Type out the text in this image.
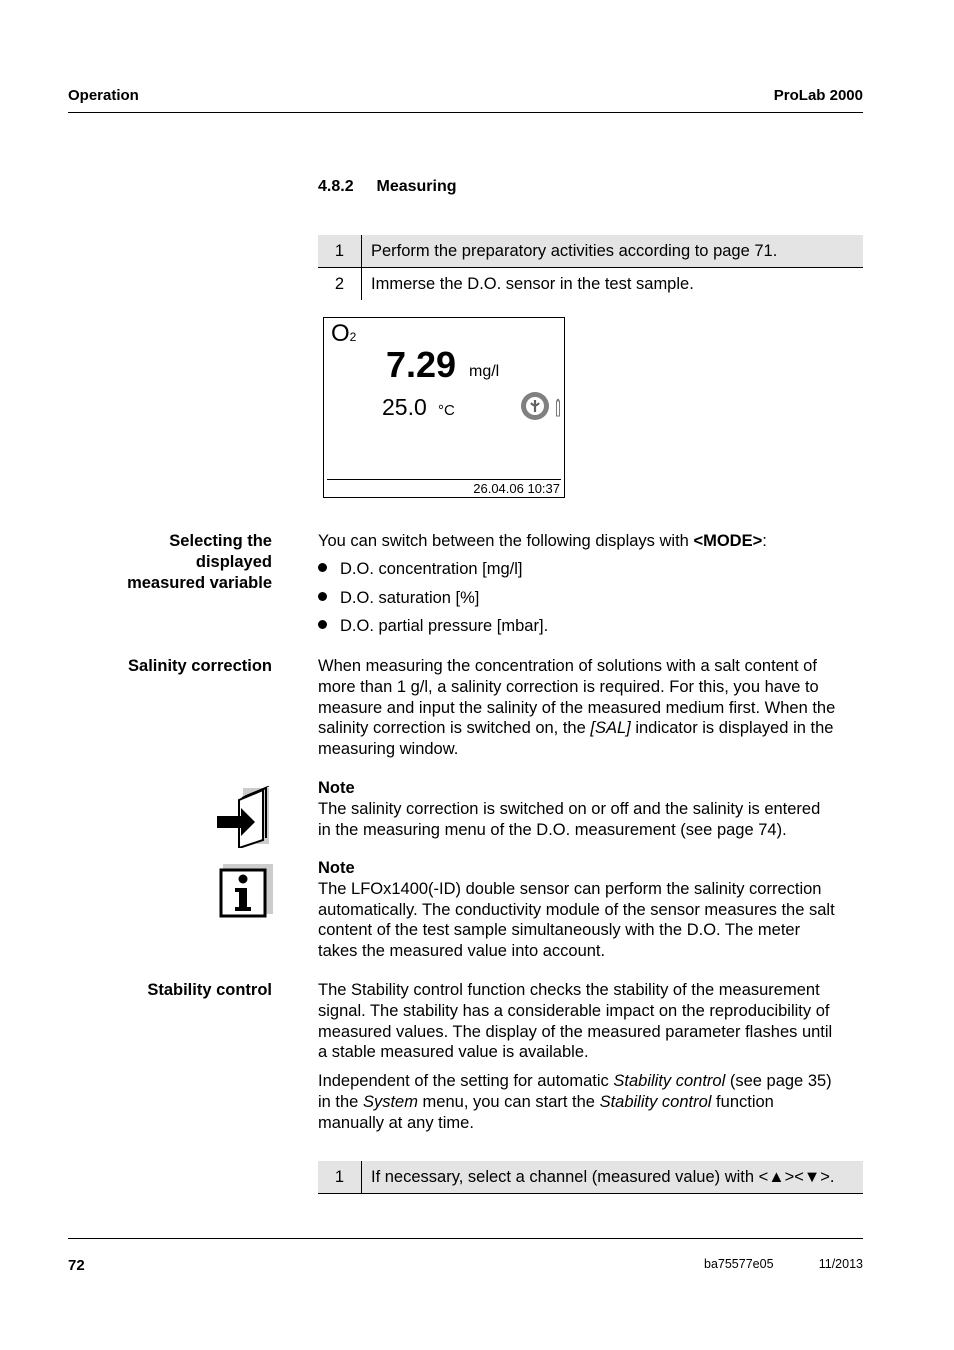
Operation	ProLab 2000
4.8.2 Measuring
1	Perform the preparatory activities according to page 71.
2	Immerse the D.O. sensor in the test sample.
O2
7.29 mg/l
25.0 °C
26.04.06 10:37
Selecting the
displayed
measured variable
You can switch between the following displays with <MODE>:
D.O. concentration [mg/l]
D.O. saturation [%]
D.O. partial pressure [mbar].
Salinity correction	When measuring the concentration of solutions with a salt content of
more than 1 g/l, a salinity correction is required. For this, you have to
measure and input the salinity of the measured medium first. When the
salinity correction is switched on, the [SAL] indicator is displayed in the
measuring window.
Note
The salinity correction is switched on or off and the salinity is entered
in the measuring menu of the D.O. measurement (see page 74).
Note
The LFOx1400(-ID) double sensor can perform the salinity correction
automatically. The conductivity module of the sensor measures the salt
content of the test sample simultaneously with the D.O. The meter
takes the measured value into account.
Stability control	The Stability control function checks the stability of the measurement
signal. The stability has a considerable impact on the reproducibility of
measured values. The display of the measured parameter flashes until
a stable measured value is available.
Independent of the setting for automatic Stability control (see page 35)
in the System menu, you can start the Stability control function
manually at any time.
1	If necessary, select a channel (measured value) with <▲><▼>.
72	ba75577e05	11/2013
